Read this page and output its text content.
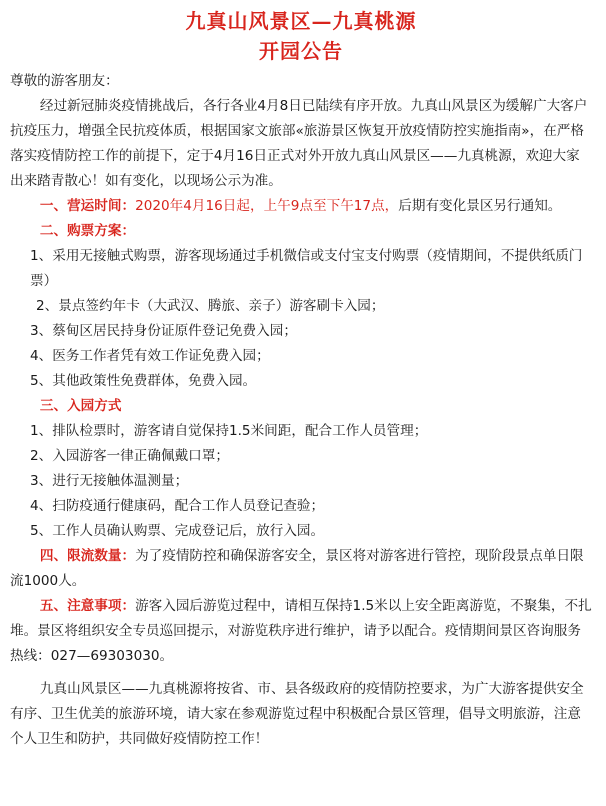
九真山风景区—九真桃源
开园公告

尊敬的游客朋友：

经过新冠肺炎疫情挑战后，各行各业4月8日已陆续有序开放。九真山风景区为缓解广大客户抗疫压力，增强全民抗疫体质，根据国家文旅部«旅游景区恢复开放疫情防控实施指南»，在严格落实疫情防控工作的前提下，定于4月16日正式对外开放九真山风景区——九真桃源，欢迎大家出来踏青散心！如有变化，以现场公示为准。

一、营运时间：2020年4月16日起，上午9点至下午17点，后期有变化景区另行通知。

二、购票方案：

1、采用无接触式购票，游客现场通过手机微信或支付宝支付购票（疫情期间，不提供纸质门票）

2、景点签约年卡（大武汉、腾旅、亲子）游客刷卡入园；

3、蔡甸区居民持身份证原件登记免费入园；

4、医务工作者凭有效工作证免费入园；

5、其他政策性免费群体，免费入园。

三、入园方式

1、排队检票时，游客请自觉保持1.5米间距，配合工作人员管理；

2、入园游客一律正确佩戴口罩；

3、进行无接触体温测量；

4、扫防疫通行健康码，配合工作人员登记查验；

5、工作人员确认购票、完成登记后，放行入园。

四、限流数量：为了疫情防控和确保游客安全，景区将对游客进行管控，现阶段景点单日限流1000人。

五、注意事项：游客入园后游览过程中，请相互保持1.5米以上安全距离游览，不聚集，不扎堆。景区将组织安全专员巡回提示，对游览秩序进行维护，请予以配合。疫情期间景区咨询服务热线：027—69303030。

九真山风景区——九真桃源将按省、市、县各级政府的疫情防控要求，为广大游客提供安全有序、卫生优美的旅游环境，请大家在参观游览过程中积极配合景区管理，倡导文明旅游，注意个人卫生和防护，共同做好疫情防控工作！
